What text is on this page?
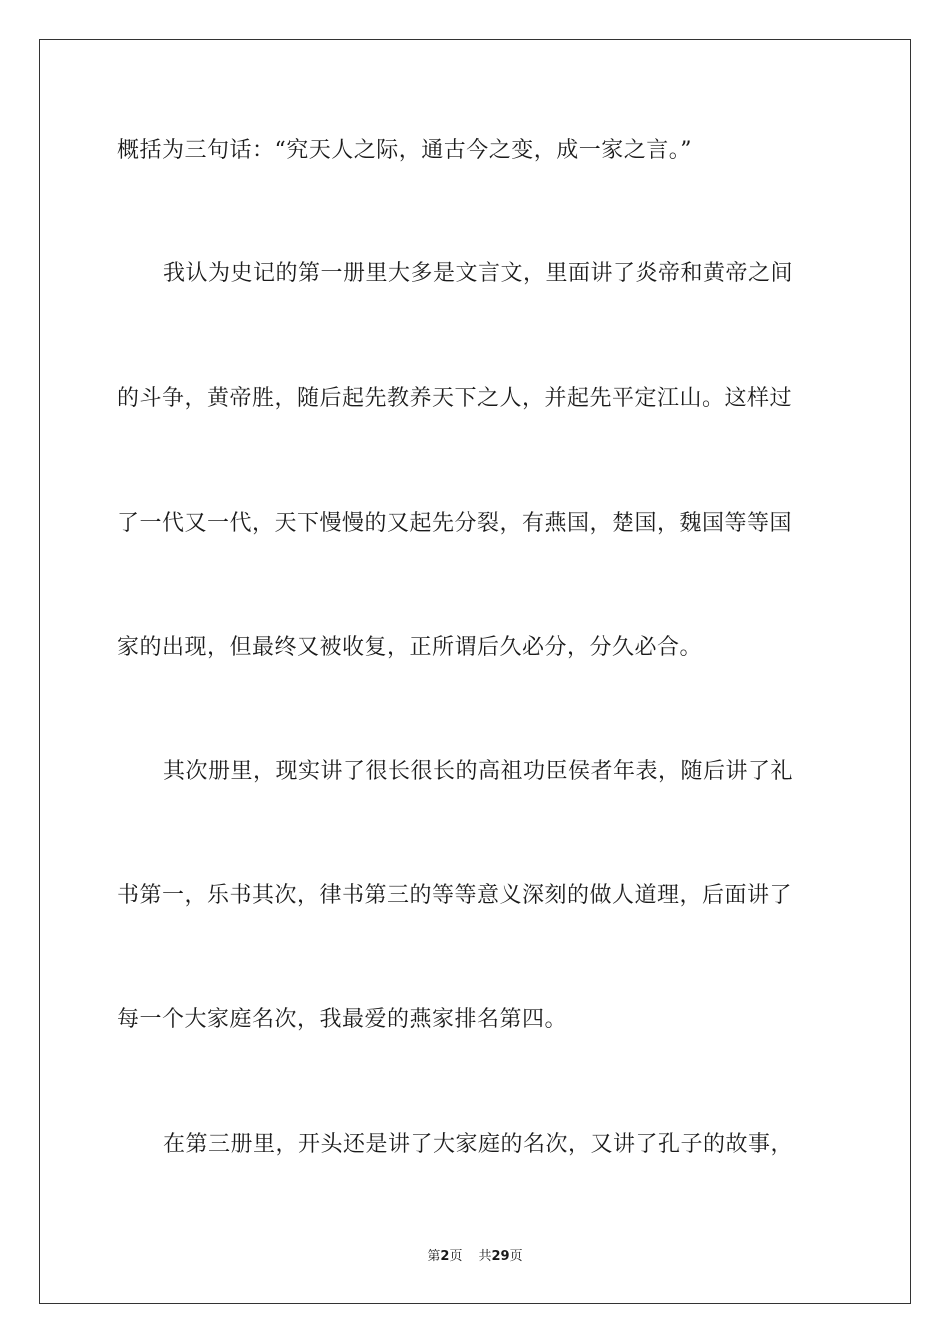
概括为三句话：“究天人之际，通古今之变，成一家之言。”
我认为史记的第一册里大多是文言文，里面讲了炎帝和黄帝之间
的斗争，黄帝胜，随后起先教养天下之人，并起先平定江山。这样过
了一代又一代，天下慢慢的又起先分裂，有燕国，楚国，魏国等等国
家的出现，但最终又被收复，正所谓后久必分，分久必合。
其次册里，现实讲了很长很长的高祖功臣侯者年表，随后讲了礼
书第一，乐书其次，律书第三的等等意义深刻的做人道理，后面讲了
每一个大家庭名次，我最爱的燕家排名第四。
在第三册里，开头还是讲了大家庭的名次，又讲了孔子的故事，
第2页 共29页
